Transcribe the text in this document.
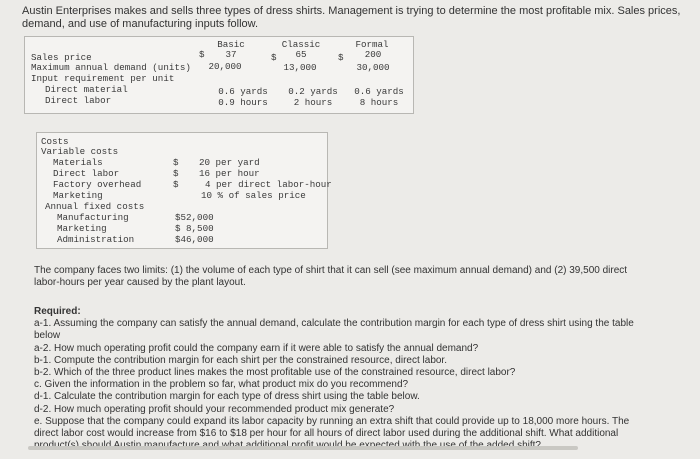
Austin Enterprises makes and sells three types of dress shirts. Management is trying to determine the most profitable mix. Sales prices, demand, and use of manufacturing inputs follow.
Basic	Classic	Formal
Sales price	$	37	$	65	$	200
Maximum annual demand (units)	20,000	13,000	30,000
Input requirement per unit
Direct material	0.6 yards	0.2 yards	0.6 yards
Direct labor	0.9 hours	2 hours	8 hours
Costs
Variable costs
Materials	$ 20 per yard
Direct labor	$ 16 per hour
Factory overhead	$	4 per direct labor-hour
Marketing	10 % of sales price
Annual fixed costs
Manufacturing	$52,000
Marketing	$ 8,500
Administration	$46,000
The company faces two limits: (1) the volume of each type of shirt that it can sell (see maximum annual demand) and (2) 39,500 direct labor-hours per year caused by the plant layout.
Required:
a-1. Assuming the company can satisfy the annual demand, calculate the contribution margin for each type of dress shirt using the table below
a-2. How much operating profit could the company earn if it were able to satisfy the annual demand?
b-1. Compute the contribution margin for each shirt per the constrained resource, direct labor.
b-2. Which of the three product lines makes the most profitable use of the constrained resource, direct labor?
c. Given the information in the problem so far, what product mix do you recommend?
d-1. Calculate the contribution margin for each type of dress shirt using the table below.
d-2. How much operating profit should your recommended product mix generate?
e. Suppose that the company could expand its labor capacity by running an extra shift that could provide up to 18,000 more hours. The direct labor cost would increase from $16 to $18 per hour for all hours of direct labor used during the additional shift. What additional
